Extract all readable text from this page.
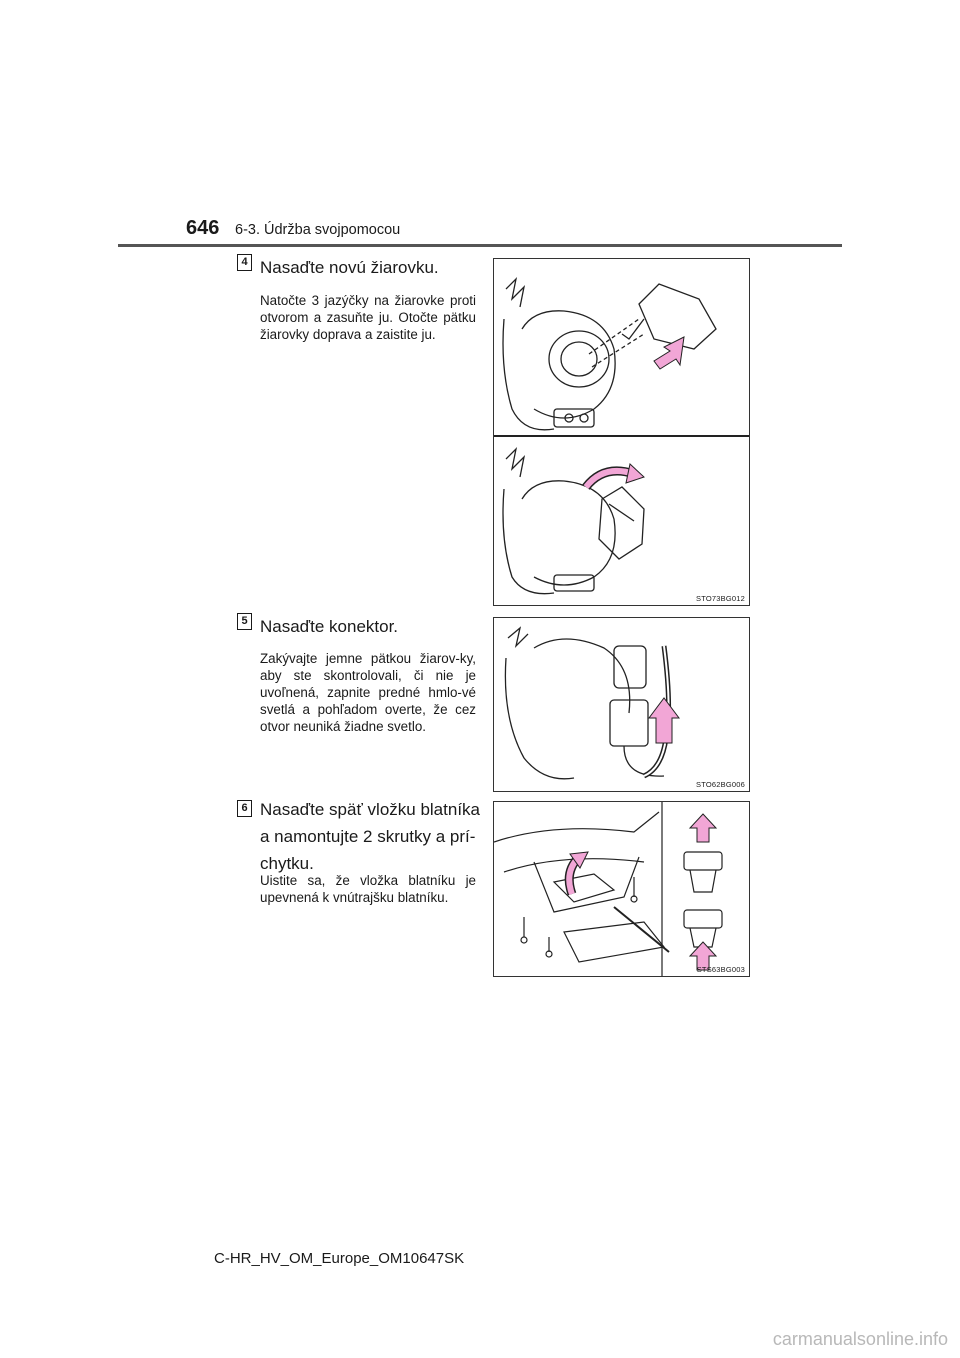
646 6-3. Údržba svojpomocou
4 Nasaďte novú žiarovku.
Natočte 3 jazýčky na žiarovke proti otvorom a zasuňte ju. Otočte pätku žiarovky doprava a zaistite ju.
STO73BG012
5 Nasaďte konektor.
Zakývajte jemne pätkou žiarov-ky, aby ste skontrolovali, či nie je uvoľnená, zapnite predné hmlo-vé svetlá a pohľadom overte, že cez otvor neuniká žiadne svetlo.
STO62BG006
6 Nasaďte späť vložku blatníka a namontujte 2 skrutky a prí-chytku.
Uistite sa, že vložka blatníku je upevnená k vnútrajšku blatníku.
STS63BG003
C-HR_HV_OM_Europe_OM10647SK
carmanualsonline.info
